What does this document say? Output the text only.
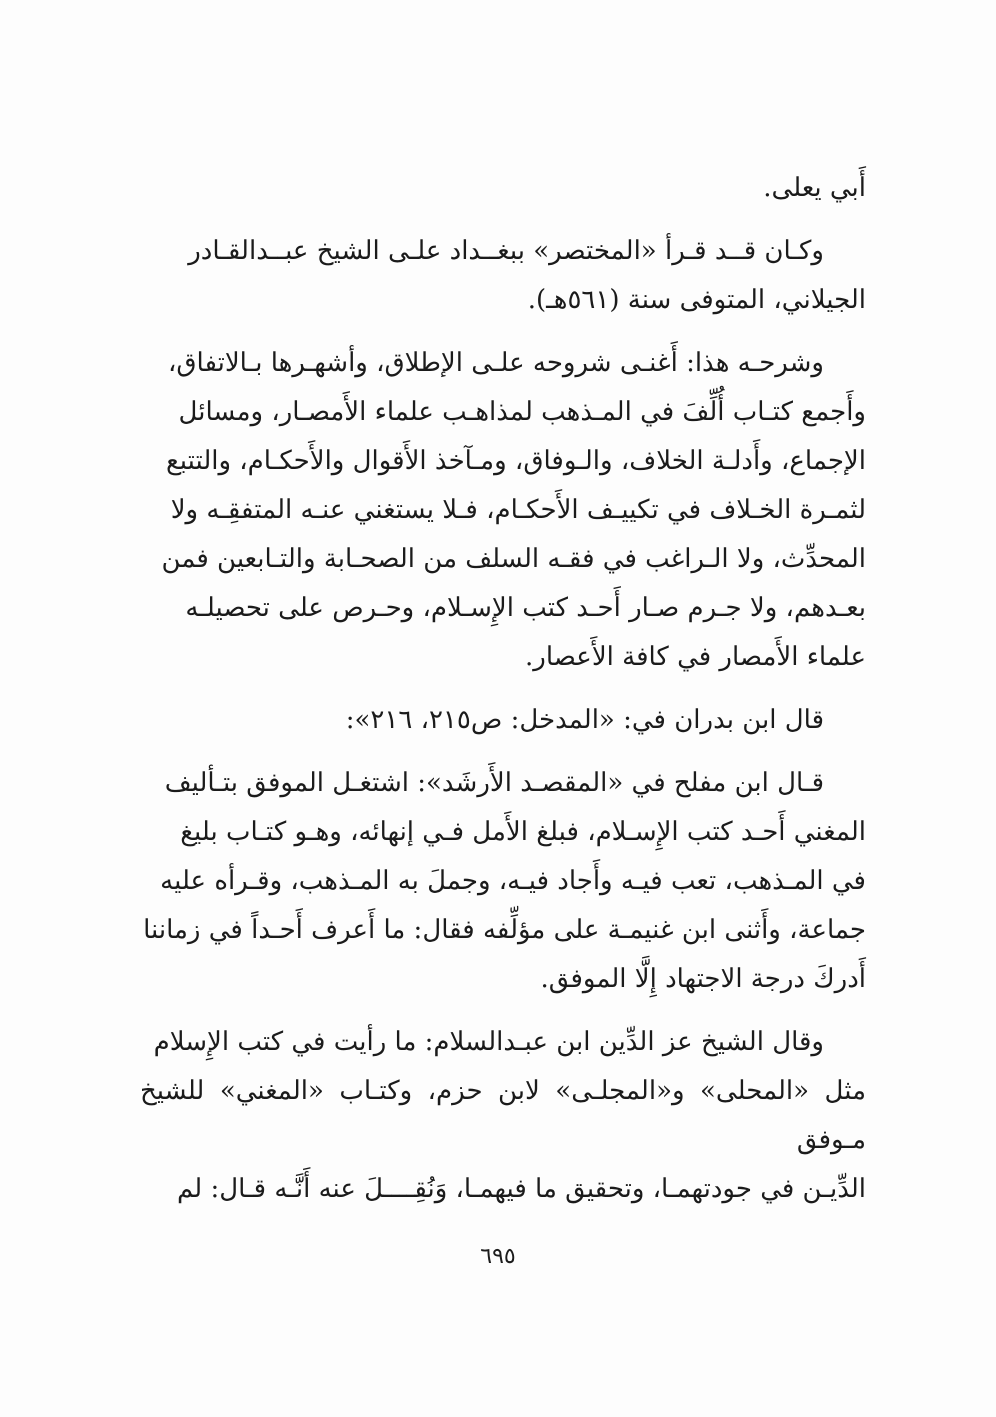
أَبي يعلى.

وكـان قــد قـرأ «المختصر» ببغــداد علـى الشيخ عبــدالقـادر
الجيلاني، المتوفى سنة (٥٦١هـ).

وشرحـه هذا: أَغنـى شروحه علـى الإطلاق، وأشهـرها بـالاتفاق،
وأَجمع كتـاب أُلِّفَ في المـذهب لمذاهـب علماء الأَمصـار، ومسائل
الإجماع، وأَدلـة الخلاف، والـوفاق، ومـآخذ الأَقوال والأَحكـام، والتتبع
لثمـرة الخـلاف في تكييـف الأَحكـام، فـلا يستغني عنـه المتفقِـه ولا
المحدِّث، ولا الـراغب في فقـه السلف من الصحـابة والتـابعين فمن
بعـدهم، ولا جـرم صـار أَحـد كتب الإِسـلام، وحـرص على تحصيلـه
علماء الأَمصار في كافة الأَعصار.

قال ابن بدران في: «المدخل: ص٢١٥، ٢١٦»:

قـال ابن مفلح في «المقصـد الأَرشَد»: اشتغـل الموفق بتـأليف
المغني أَحـد كتب الإِسـلام، فبلغ الأَمل فـي إنهائه، وهـو كتـاب بليغ
في المـذهب، تعب فيـه وأَجاد فيـه، وجملَ به المـذهب، وقـرأه عليه
جماعة، وأَثنى ابن غنيمـة على مؤلِّفه فقال: ما أَعرف أَحـداً في زماننا
أَدركَ درجة الاجتهاد إِلَّا الموفق.

وقال الشيخ عز الدِّين ابن عبـدالسلام: ما رأيت في كتب الإِسلام
مثل «المحلى» و«المجلـى» لابن حزم، وكتـاب «المغني» للشيخ مـوفق
الدِّيـن في جودتهمـا، وتحقيق ما فيهمـا، وَنُقِــــلَ عنه أَنَّـه قـال: لم

٦٩٥
